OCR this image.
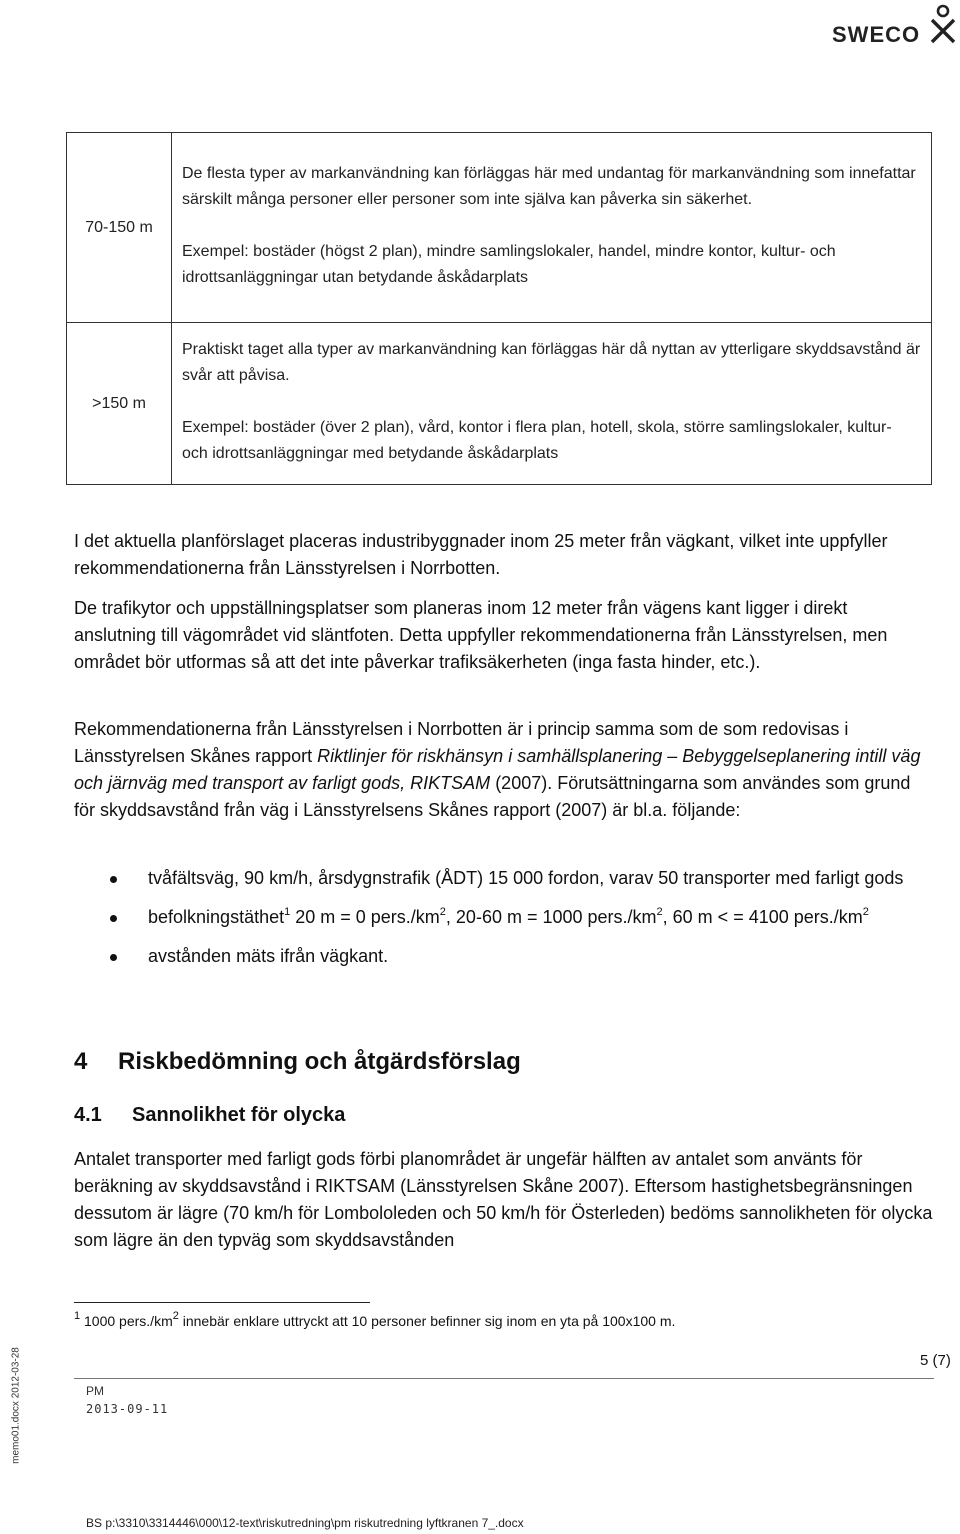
SWECO
70-150 m	De flesta typer av markanvändning kan förläggas här med undantag för markanvändning som innefattar särskilt många personer eller personer som inte själva kan påverka sin säkerhet.

Exempel: bostäder (högst 2 plan), mindre samlingslokaler, handel, mindre kontor, kultur- och idrottsanläggningar utan betydande åskådarplats

>150 m	Praktiskt taget alla typer av markanvändning kan förläggas här då nyttan av ytterligare skyddsavstånd är svår att påvisa.

Exempel: bostäder (över 2 plan), vård, kontor i flera plan, hotell, skola, större samlingslokaler, kultur- och idrottsanläggningar med betydande åskådarplats

I det aktuella planförslaget placeras industribyggnader inom 25 meter från vägkant, vilket inte uppfyller rekommendationerna från Länsstyrelsen i Norrbotten.

De trafikytor och uppställningsplatser som planeras inom 12 meter från vägens kant ligger i direkt anslutning till vägområdet vid släntfoten. Detta uppfyller rekommendationerna från Länsstyrelsen, men området bör utformas så att det inte påverkar trafiksäkerheten (inga fasta hinder, etc.).

Rekommendationerna från Länsstyrelsen i Norrbotten är i princip samma som de som redovisas i Länsstyrelsen Skånes rapport Riktlinjer för riskhänsyn i samhällsplanering – Bebyggelseplanering intill väg och järnväg med transport av farligt gods, RIKTSAM (2007). Förutsättningarna som användes som grund för skyddsavstånd från väg i Länsstyrelsens Skånes rapport (2007) är bl.a. följande:

tvåfältsväg, 90 km/h, årsdygnstrafik (ÅDT) 15 000 fordon, varav 50 transporter med farligt gods
befolkningstäthet$^1$ 20 m = 0 $pers./km^2$, 20-60 m = 1000 $pers./km^2$, 60 m < = 4100 $pers./km^2$
avstånden mäts ifrån vägkant.
4 Riskbedömning och åtgärdsförslag
4.1 Sannolikhet för olycka

Antalet transporter med farligt gods förbi planområdet är ungefär hälften av antalet som använts för beräkning av skyddsavstånd i RIKTSAM (Länsstyrelsen Skåne 2007). Eftersom hastighetsbegränsningen dessutom är lägre (70 km/h för Lombololeden och 50 km/h för Österleden) bedöms sannolikheten för olycka som lägre än den typväg som skyddsavstånden

$^1$ 1000 $pers./km^2$ innebär enklare uttryckt att 10 personer befinner sig inom en yta på 100x100 m.
5 (7)
PM
2013-09-11
BS p:\3310\3314446\000\12-text\riskutredning\pm riskutredning lyftkranen 7_.docx
memo01.docx 2012-03-28
